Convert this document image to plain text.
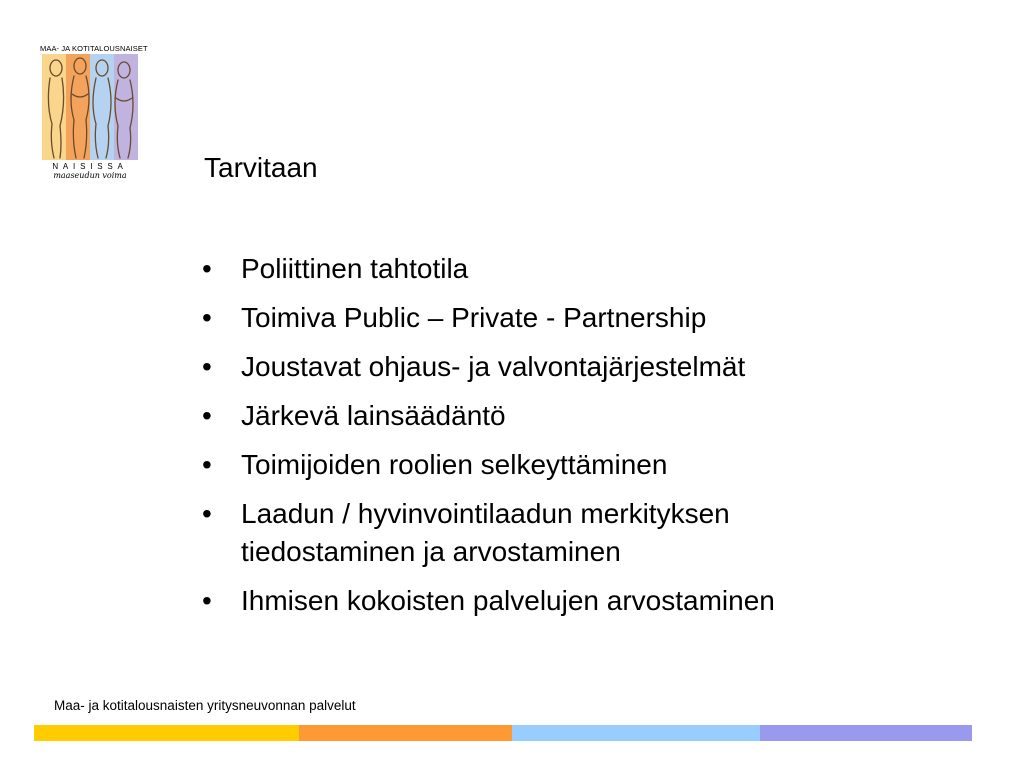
MAA- JA KOTITALOUSNAISET
NAISISSA
maaseudun voima	Tarvitaan
• Poliittinen tahtotila
• Toimiva Public – Private - Partnership
• Joustavat ohjaus- ja valvontajärjestelmät
• Järkevä lainsäädäntö
• Toimijoiden roolien selkeyttäminen
• Laadun / hyvinvointilaadun merkityksen tiedostaminen ja arvostaminen
• Ihmisen kokoisten palvelujen arvostaminen
Maa- ja kotitalousnaisten yritysneuvonnan palvelut
